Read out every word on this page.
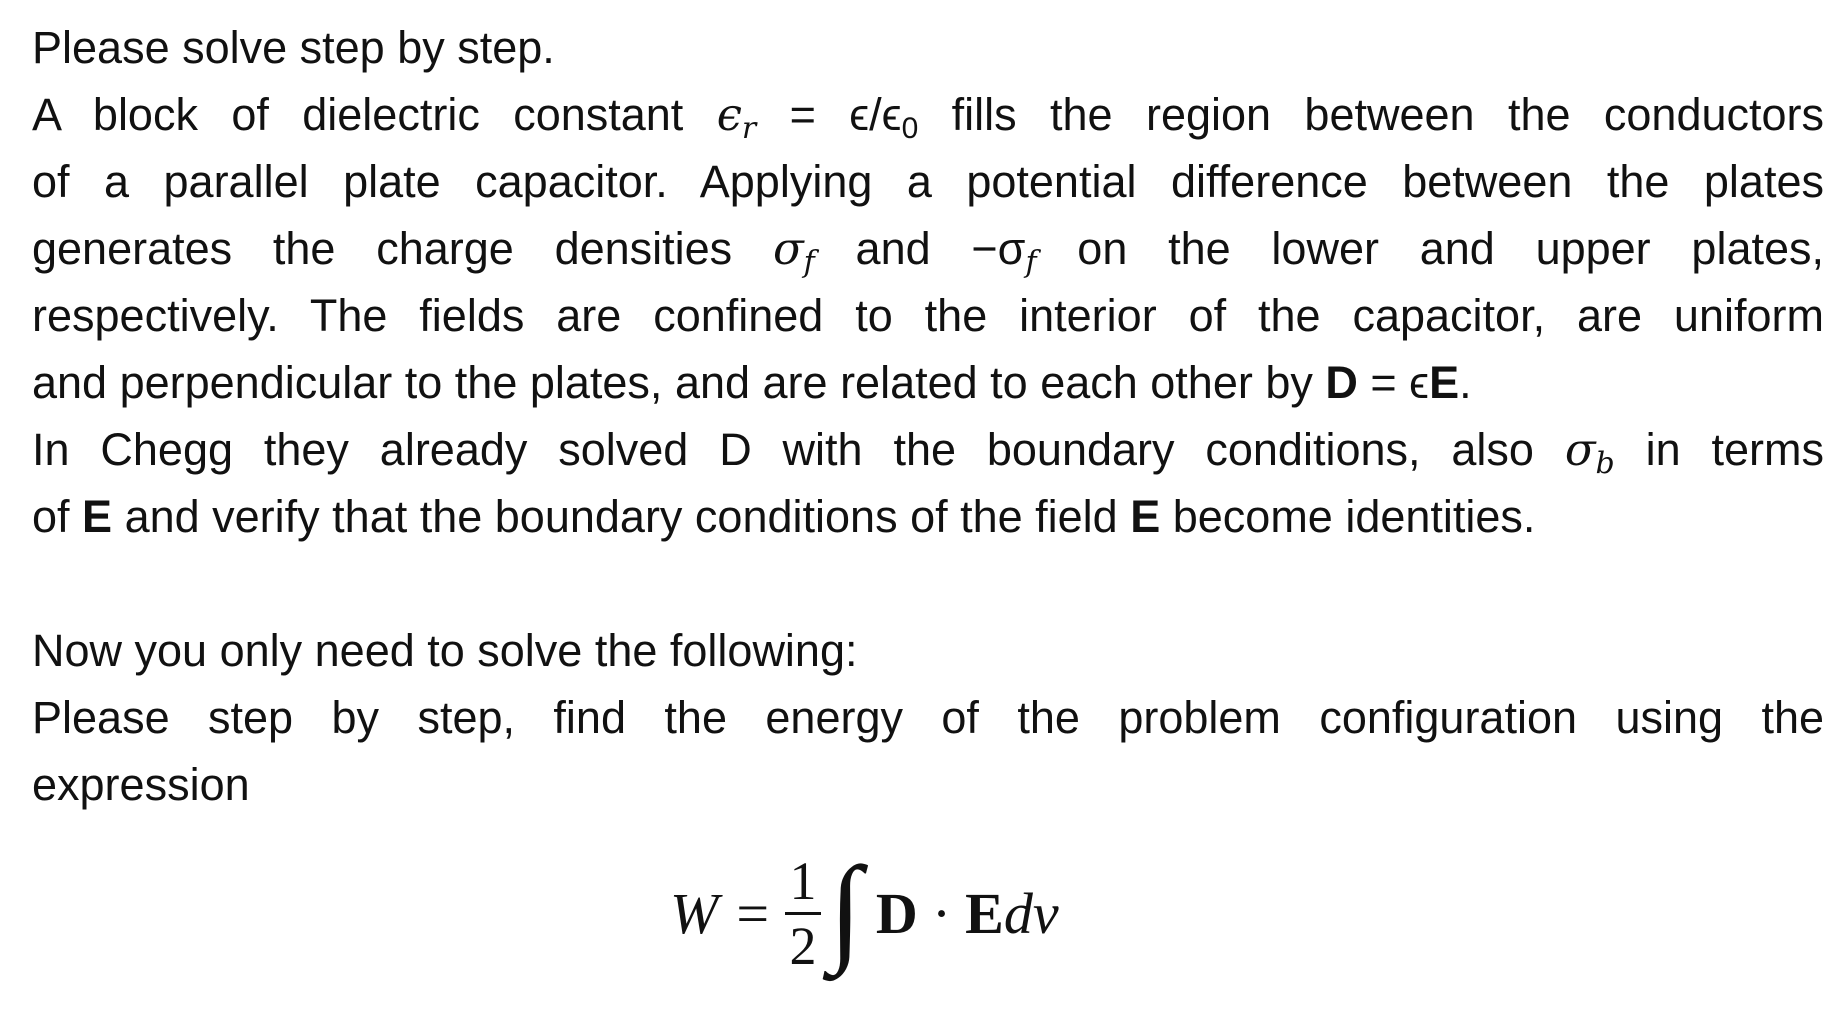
Please solve step by step.
A block of dielectric constant $\epsilon_r = \epsilon/\epsilon_0$ fills the region between the conductors
of a parallel plate capacitor. Applying a potential difference between the plates
generates the charge densities $\sigma_f$ and $-\sigma_f$ on the lower and upper plates,
respectively. The fields are confined to the interior of the capacitor, are uniform
and perpendicular to the plates, and are related to each other by D = ϵE.
In Chegg they already solved D with the boundary conditions, also $\sigma_b$ in terms
of E and verify that the boundary conditions of the field E become identities.
Now you only need to solve the following:
Please step by step, find the energy of the problem configuration using the
expression
$W = \frac{1}{2}$ ∫ D · E dv
